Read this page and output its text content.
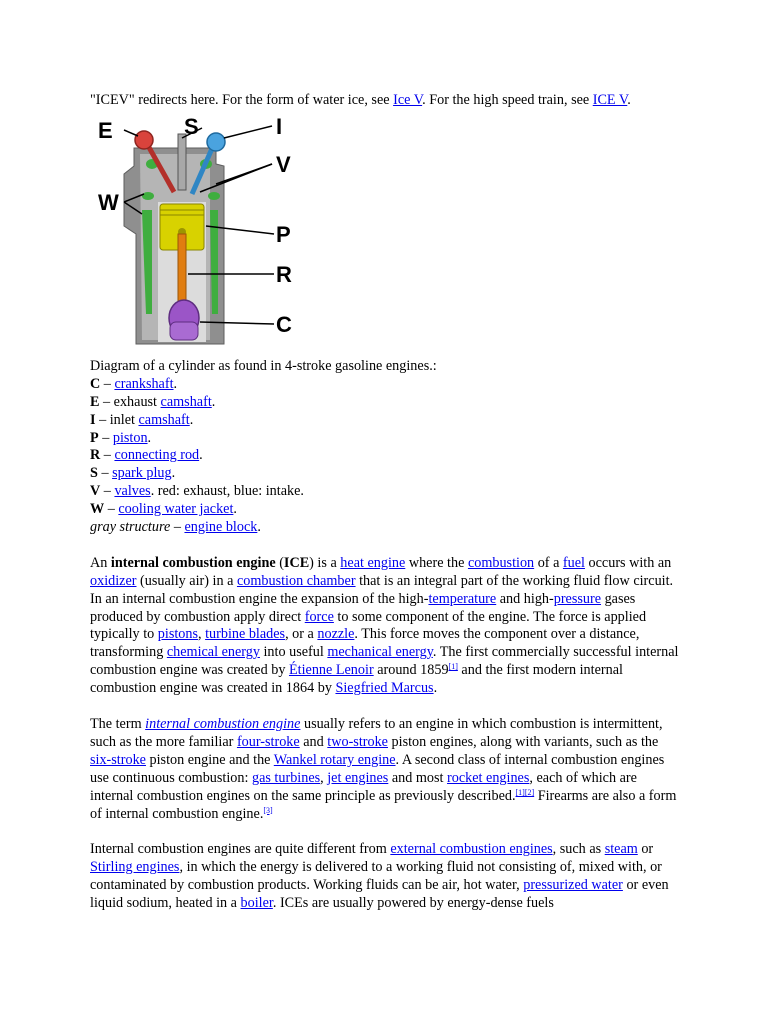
"ICEV" redirects here. For the form of water ice, see Ice V. For the high speed train, see ICE V.

E	S	I
V
W
P
R
C

Diagram of a cylinder as found in 4-stroke gasoline engines.:

C – crankshaft.
E – exhaust camshaft.
I – inlet camshaft.
P – piston.
R – connecting rod.
S – spark plug.
V – valves. red: exhaust, blue: intake.
W – cooling water jacket.
gray structure – engine block.

An internal combustion engine (ICE) is a heat engine where the combustion of a fuel occurs with an oxidizer (usually air) in a combustion chamber that is an integral part of the working fluid flow circuit. In an internal combustion engine the expansion of the high-temperature and high-pressure gases produced by combustion apply direct force to some component of the engine. The force is applied typically to pistons, turbine blades, or a nozzle. This force moves the component over a distance, transforming chemical energy into useful mechanical energy. The first commercially successful internal combustion engine was created by Étienne Lenoir around 1859[1] and the first modern internal combustion engine was created in 1864 by Siegfried Marcus.

The term internal combustion engine usually refers to an engine in which combustion is intermittent, such as the more familiar four-stroke and two-stroke piston engines, along with variants, such as the six-stroke piston engine and the Wankel rotary engine. A second class of internal combustion engines use continuous combustion: gas turbines, jet engines and most rocket engines, each of which are internal combustion engines on the same principle as previously described.[1][2] Firearms are also a form of internal combustion engine.[3]

Internal combustion engines are quite different from external combustion engines, such as steam or Stirling engines, in which the energy is delivered to a working fluid not consisting of, mixed with, or contaminated by combustion products. Working fluids can be air, hot water, pressurized water or even liquid sodium, heated in a boiler. ICEs are usually powered by energy-dense fuels
